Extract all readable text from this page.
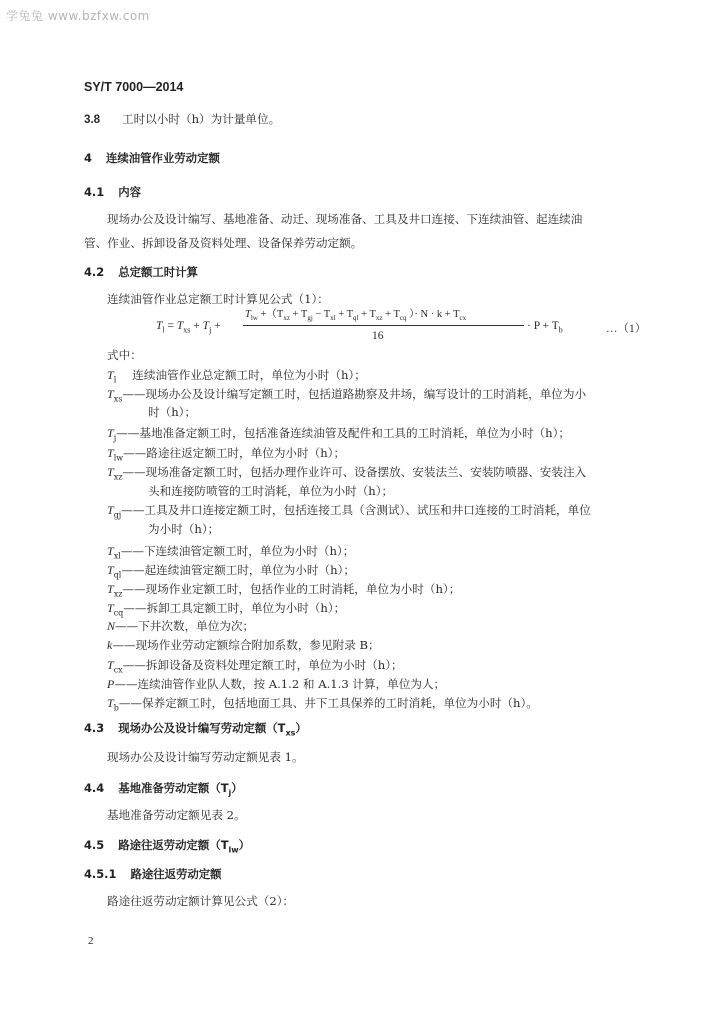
学兔兔 www.bzfxw.com
SY/T 7000—2014
3.8 工时以小时（h）为计量单位。
4 连续油管作业劳动定额
4.1 内容
现场办公及设计编写、基地准备、动迁、现场准备、工具及井口连接、下连续油管、起连续油
管、作业、拆卸设备及资料处理、设备保养劳动定额。
4.2 总定额工时计算
连续油管作业总定额工时计算见公式（1）：
$T_l = T_{xs} + T_j$ +
$T_{lw} +(T_{xz} + T_{gj} - T_{xl} + T_{ql} + T_{xz} + T_{cq}$ ）· $N \cdot k + T_{cx}$
16
· $P + T_b$	…（1）
式中：
$T_l$ 连续油管作业总定额工时，单位为小时（h）；
$T_{xs}——$现场办公及设计编写定额工时，包括道路勘察及井场，编写设计的工时消耗，单位为小
时（h）；
$T_j——$基地准备定额工时，包括准备连续油管及配件和工具的工时消耗，单位为小时（h）；
$T_{lw}——$路途往返定额工时，单位为小时（h）；
$T_{xz}——$现场准备定额工时，包括办理作业许可、设备摆放、安装法兰、安装防喷器、安装注入
头和连接防喷管的工时消耗，单位为小时（h）；
$T_{gj}——$工具及井口连接定额工时，包括连接工具（含测试）、试压和井口连接的工时消耗，单位
为小时（h）；
$T_{xl}——$下连续油管定额工时，单位为小时（h）；
$T_{ql}——$起连续油管定额工时，单位为小时（h）；
$T_{xz}——$现场作业定额工时，包括作业的工时消耗，单位为小时（h）；
$T_{cq}——$拆卸工具定额工时，单位为小时（h）；
N——下井次数，单位为次；
k——现场作业劳动定额综合附加系数，参见附录 B；
$T_{cx}——$拆卸设备及资料处理定额工时，单位为小时（h）；
P——连续油管作业队人数，按 A.1.2 和 A.1.3 计算，单位为人；
$T_b——$保养定额工时，包括地面工具、井下工具保养的工时消耗，单位为小时（h）。
4.3 现场办公及设计编写劳动定额$(T_{xs})$
现场办公及设计编写劳动定额见表 1。
4.4 基地准备劳动定额$(T_j)$
基地准备劳动定额见表 2。
4.5 路途往返劳动定额$(T_{lw})$
4.5.1 路途往返劳动定额
路途往返劳动定额计算见公式（2）：
2
